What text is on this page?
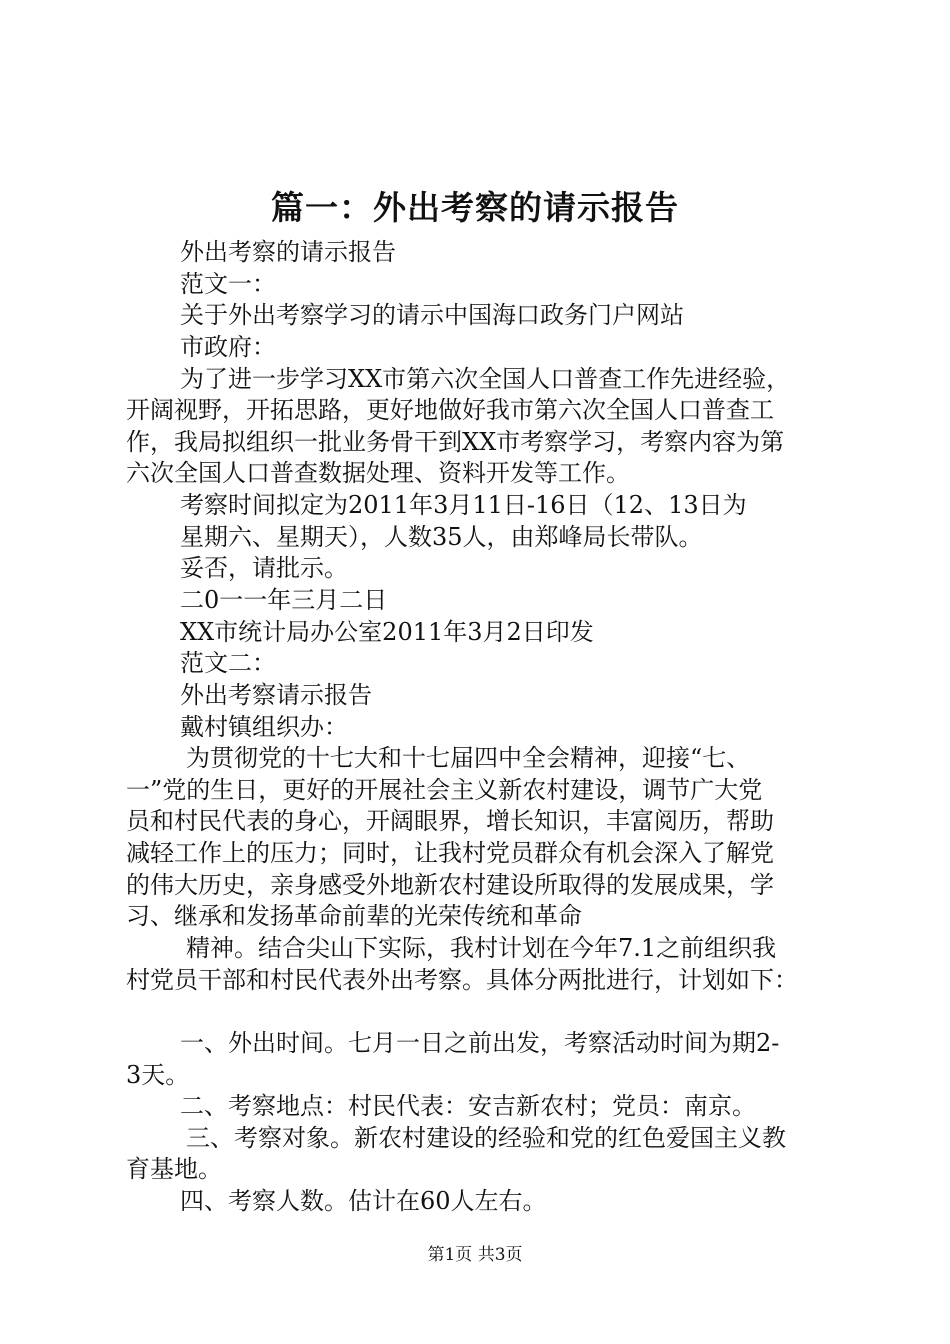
篇一：外出考察的请示报告
外出考察的请示报告
范文一：
关于外出考察学习的请示中国海口政务门户网站
市政府：
为了进一步学习XX市第六次全国人口普查工作先进经验，
开阔视野，开拓思路，更好地做好我市第六次全国人口普查工
作，我局拟组织一批业务骨干到XX市考察学习，考察内容为第
六次全国人口普查数据处理、资料开发等工作。
考察时间拟定为2011年3月11日-16日（12、13日为
星期六、星期天），人数35人，由郑峰局长带队。
妥否，请批示。
二0一一年三月二日
XX市统计局办公室2011年3月2日印发
范文二：
外出考察请示报告
戴村镇组织办：
为贯彻党的十七大和十七届四中全会精神，迎接“七、
一”党的生日，更好的开展社会主义新农村建设，调节广大党
员和村民代表的身心，开阔眼界，增长知识，丰富阅历，帮助
减轻工作上的压力；同时，让我村党员群众有机会深入了解党
的伟大历史，亲身感受外地新农村建设所取得的发展成果，学
习、继承和发扬革命前辈的光荣传统和革命
精神。结合尖山下实际，我村计划在今年7.1之前组织我
村党员干部和村民代表外出考察。具体分两批进行，计划如下：
一、外出时间。七月一日之前出发，考察活动时间为期2-
3天。
二、考察地点：村民代表：安吉新农村；党员：南京。
三、考察对象。新农村建设的经验和党的红色爱国主义教
育基地。
四、考察人数。估计在60人左右。
第1页 共3页
